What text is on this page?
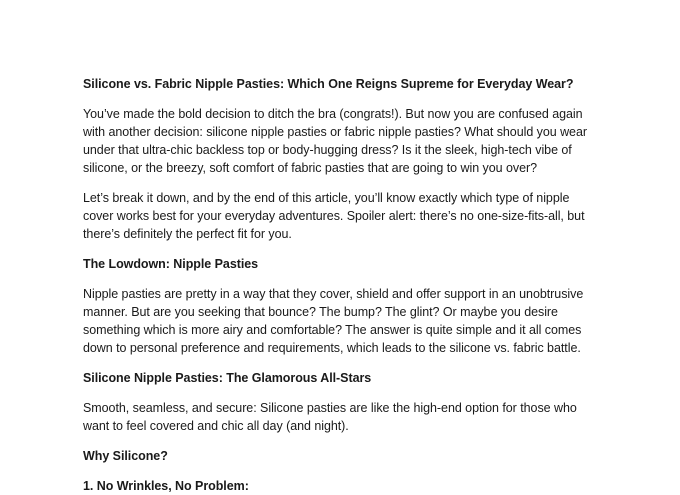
Silicone vs. Fabric Nipple Pasties: Which One Reigns Supreme for Everyday Wear?

You’ve made the bold decision to ditch the bra (congrats!). But now you are confused again with another decision: silicone nipple pasties or fabric nipple pasties? What should you wear under that ultra-chic backless top or body-hugging dress? Is it the sleek, high-tech vibe of silicone, or the breezy, soft comfort of fabric pasties that are going to win you over?

Let’s break it down, and by the end of this article, you’ll know exactly which type of nipple cover works best for your everyday adventures. Spoiler alert: there’s no one-size-fits-all, but there’s definitely the perfect fit for you.

The Lowdown: Nipple Pasties

Nipple pasties are pretty in a way that they cover, shield and offer support in an unobtrusive manner. But are you seeking that bounce? The bump? The glint? Or maybe you desire something which is more airy and comfortable? The answer is quite simple and it all comes down to personal preference and requirements, which leads to the silicone vs. fabric battle.

Silicone Nipple Pasties: The Glamorous All-Stars

Smooth, seamless, and secure: Silicone pasties are like the high-end option for those who want to feel covered and chic all day (and night).

Why Silicone?

1. No Wrinkles, No Problem:
